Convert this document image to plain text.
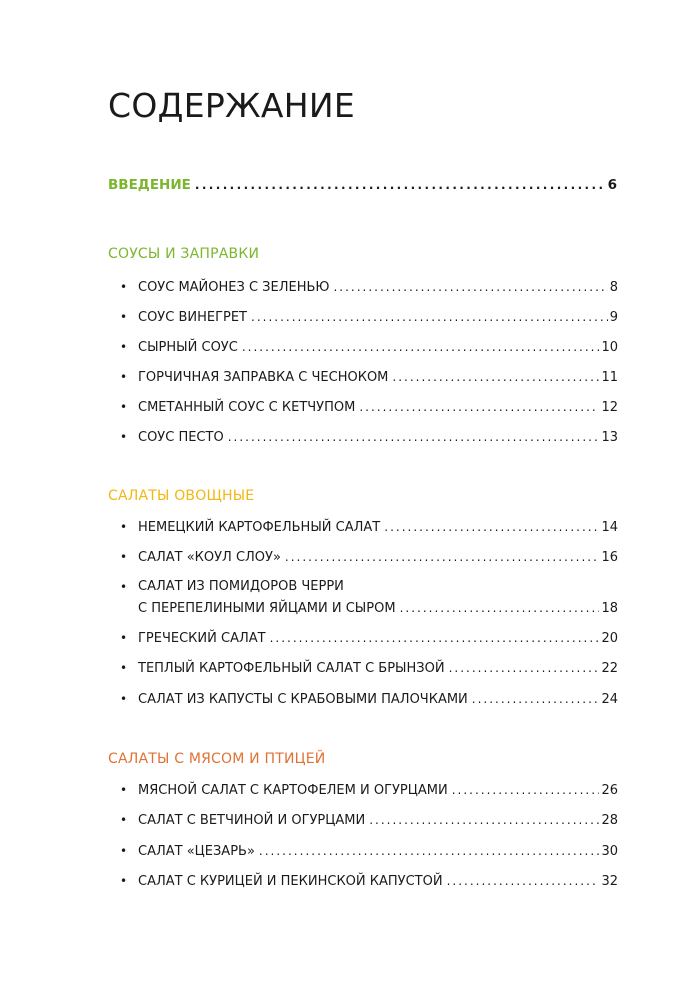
СОДЕРЖАНИЕ
ВВЕДЕНИЕ .....	6
СОУСЫ И ЗАПРАВКИ
• СОУС МАЙОНЕЗ С ЗЕЛЕНЬЮ .....	8
• СОУС ВИНЕГРЕТ .....	9
• СЫРНЫЙ СОУС .....	10
• ГОРЧИЧНАЯ ЗАПРАВКА С ЧЕСНОКОМ .....	11
• СМЕТАННЫЙ СОУС С КЕТЧУПОМ .....	12
• СОУС ПЕСТО .....	13
САЛАТЫ ОВОЩНЫЕ
• НЕМЕЦКИЙ КАРТОФЕЛЬНЫЙ САЛАТ .....	14
• САЛАТ «КОУЛ СЛОУ» .....	16
• САЛАТ ИЗ ПОМИДОРОВ ЧЕРРИ
С ПЕРЕПЕЛИНЫМИ ЯЙЦАМИ И СЫРОМ .....	18
• ГРЕЧЕСКИЙ САЛАТ .....	20
• ТЕПЛЫЙ КАРТОФЕЛЬНЫЙ САЛАТ С БРЫНЗОЙ .....	22
• САЛАТ ИЗ КАПУСТЫ С КРАБОВЫМИ ПАЛОЧКАМИ .....	24
САЛАТЫ С МЯСОМ И ПТИЦЕЙ
• МЯСНОЙ САЛАТ С КАРТОФЕЛЕМ И ОГУРЦАМИ .....	26
• САЛАТ С ВЕТЧИНОЙ И ОГУРЦАМИ .....	28
• САЛАТ «ЦЕЗАРЬ» .....	30
• САЛАТ С КУРИЦЕЙ И ПЕКИНСКОЙ КАПУСТОЙ .....	32
